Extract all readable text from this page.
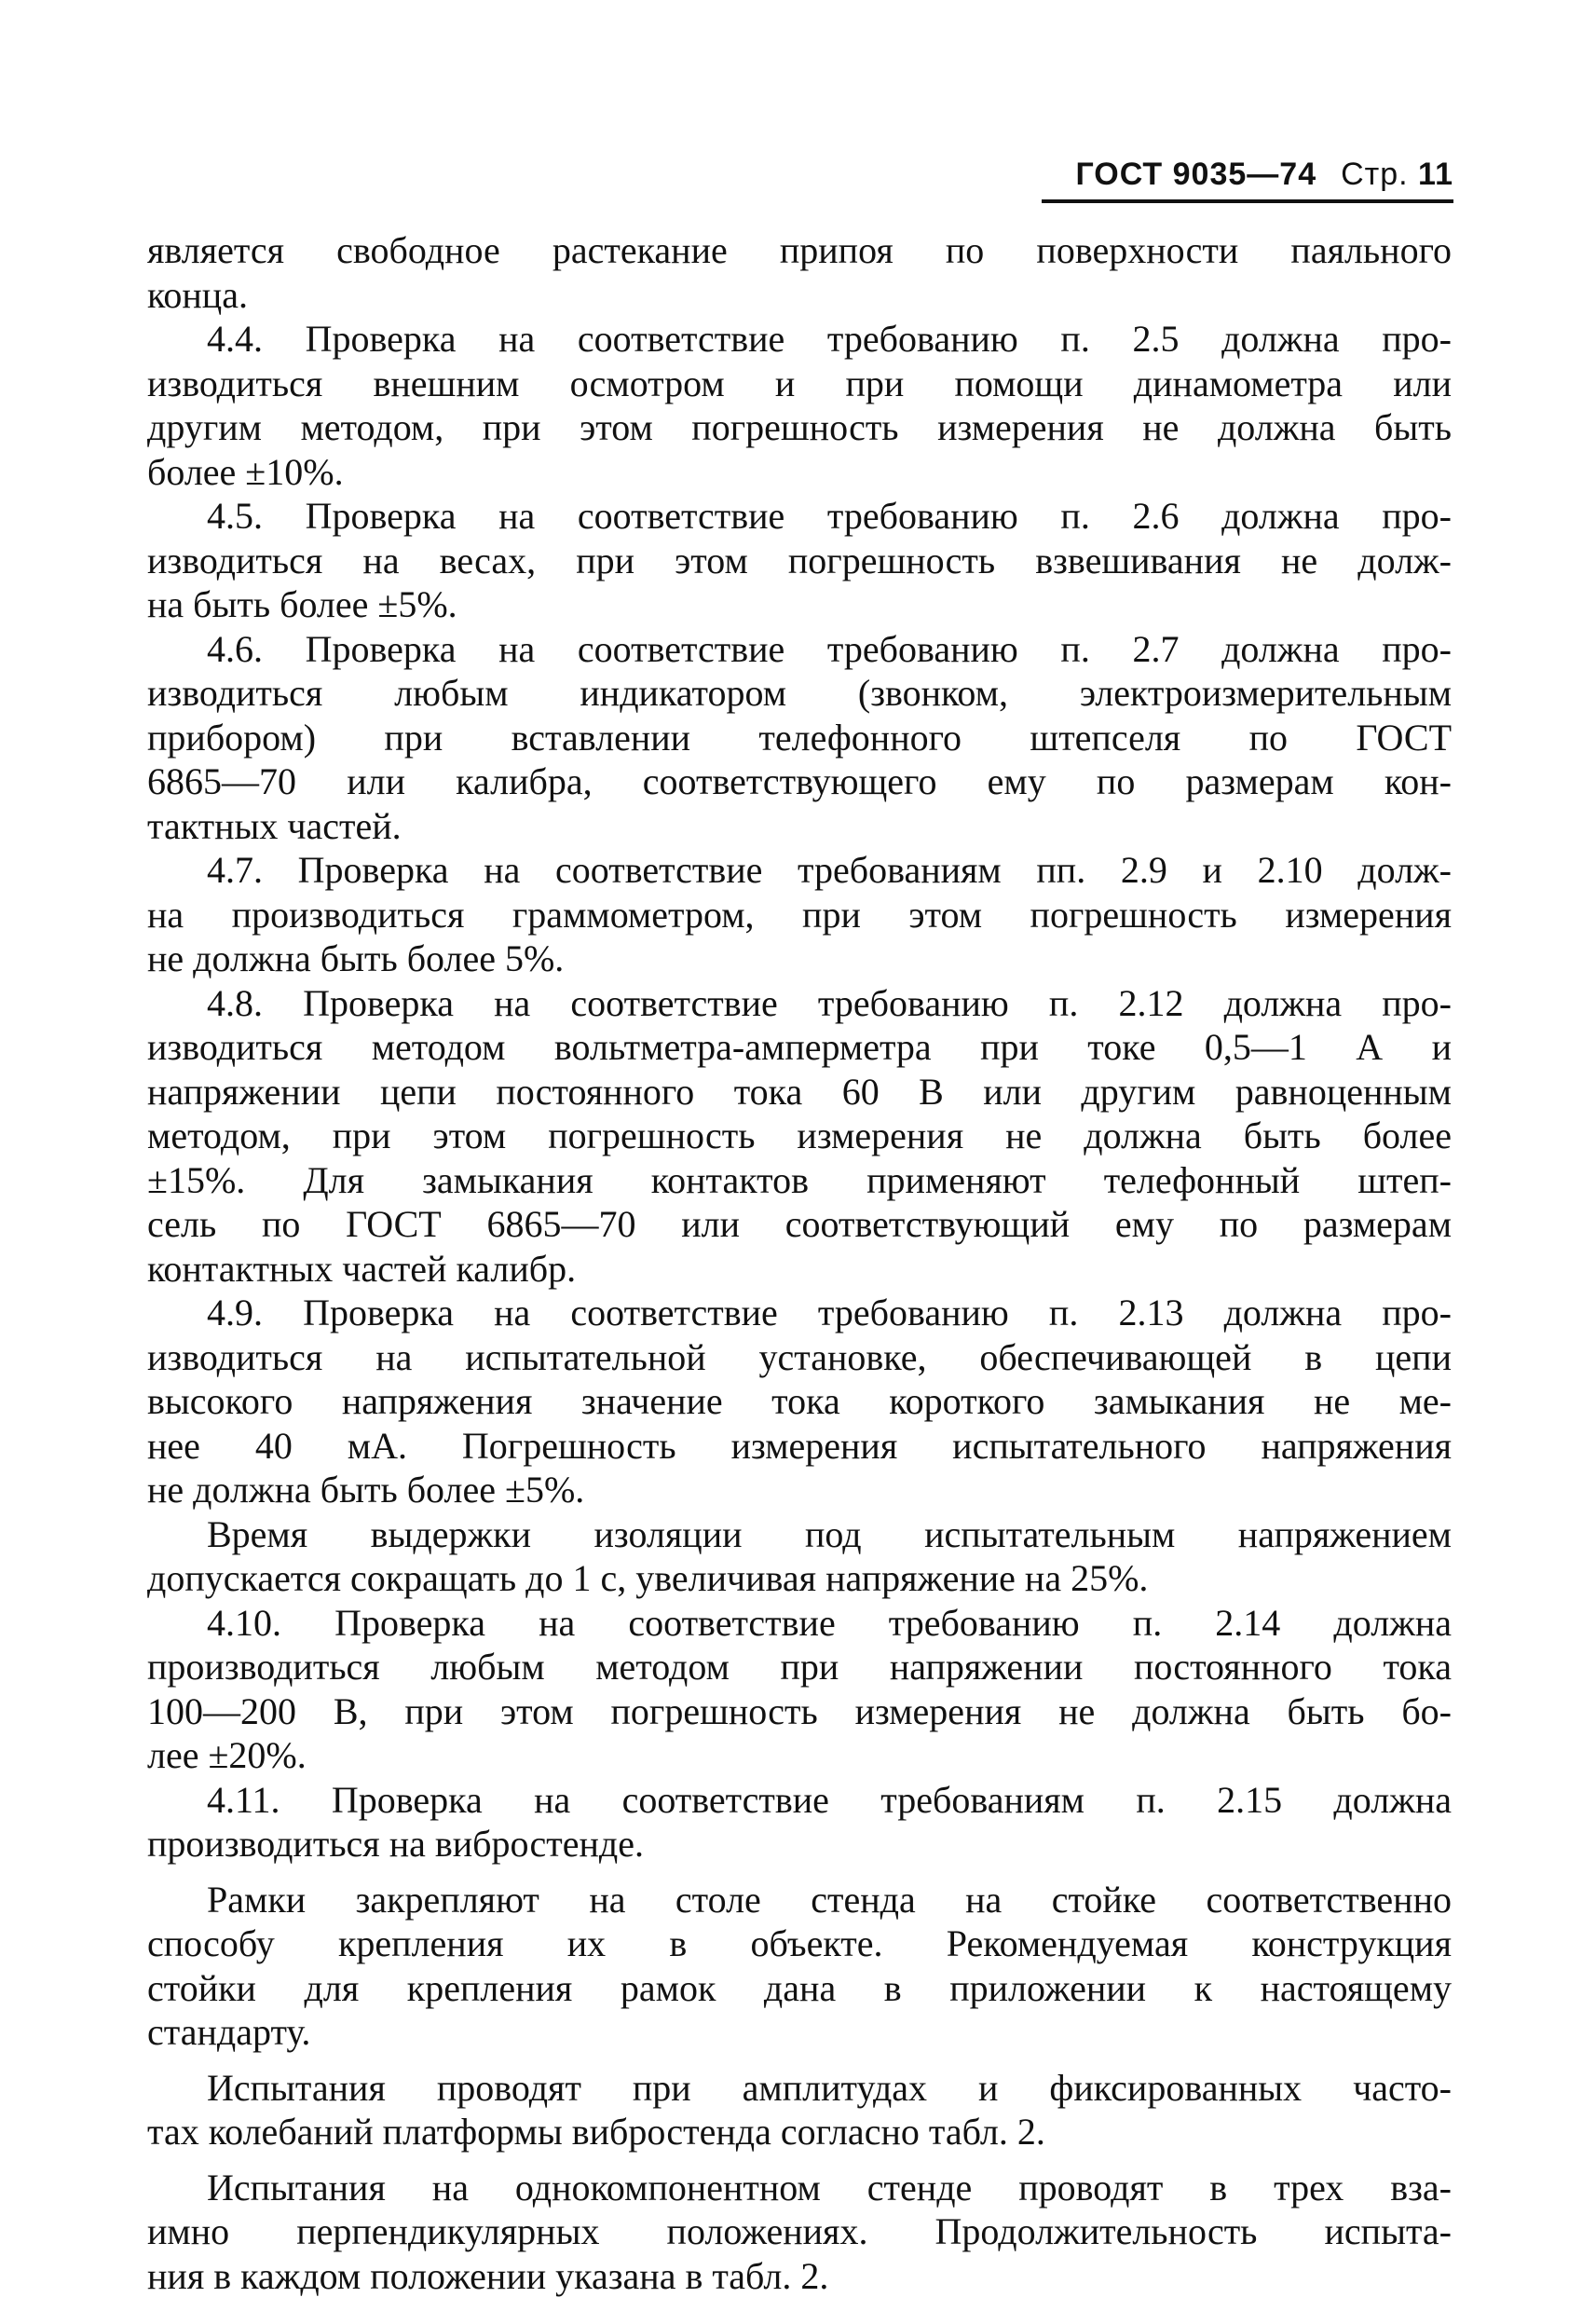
ГОСТ 9035—74 Стр. 11
является свободное растекание припоя по поверхности паяльного
конца.
4.4. Проверка на соответствие требованию п. 2.5 должна про-
изводиться внешним осмотром и при помощи динамометра или
другим методом, при этом погрешность измерения не должна быть
более ±10%.
4.5. Проверка на соответствие требованию п. 2.6 должна про-
изводиться на весах, при этом погрешность взвешивания не долж-
на быть более ±5%.
4.6. Проверка на соответствие требованию п. 2.7 должна про-
изводиться любым индикатором (звонком, электроизмерительным
прибором) при вставлении телефонного штепселя по ГОСТ
6865—70 или калибра, соответствующего ему по размерам кон-
тактных частей.
4.7. Проверка на соответствие требованиям пп. 2.9 и 2.10 долж-
на производиться граммометром, при этом погрешность измерения
не должна быть более 5%.
4.8. Проверка на соответствие требованию п. 2.12 должна про-
изводиться методом вольтметра-амперметра при токе 0,5—1 А и
напряжении цепи постоянного тока 60 В или другим равноценным
методом, при этом погрешность измерения не должна быть более
±15%. Для замыкания контактов применяют телефонный штеп-
сель по ГОСТ 6865—70 или соответствующий ему по размерам
контактных частей калибр.
4.9. Проверка на соответствие требованию п. 2.13 должна про-
изводиться на испытательной установке, обеспечивающей в цепи
высокого напряжения значение тока короткого замыкания не ме-
нее 40 мА. Погрешность измерения испытательного напряжения
не должна быть более ±5%.
Время выдержки изоляции под испытательным напряжением
допускается сокращать до 1 с, увеличивая напряжение на 25%.
4.10. Проверка на соответствие требованию п. 2.14 должна
производиться любым методом при напряжении постоянного тока
100—200 В, при этом погрешность измерения не должна быть бо-
лее ±20%.
4.11. Проверка на соответствие требованиям п. 2.15 должна
производиться на вибростенде.
Рамки закрепляют на столе стенда на стойке соответственно
способу крепления их в объекте. Рекомендуемая конструкция
стойки для крепления рамок дана в приложении к настоящему
стандарту.
Испытания проводят при амплитудах и фиксированных часто-
тах колебаний платформы вибростенда согласно табл. 2.
Испытания на однокомпонентном стенде проводят в трех вза-
имно перпендикулярных положениях. Продолжительность испыта-
ния в каждом положении указана в табл. 2.
